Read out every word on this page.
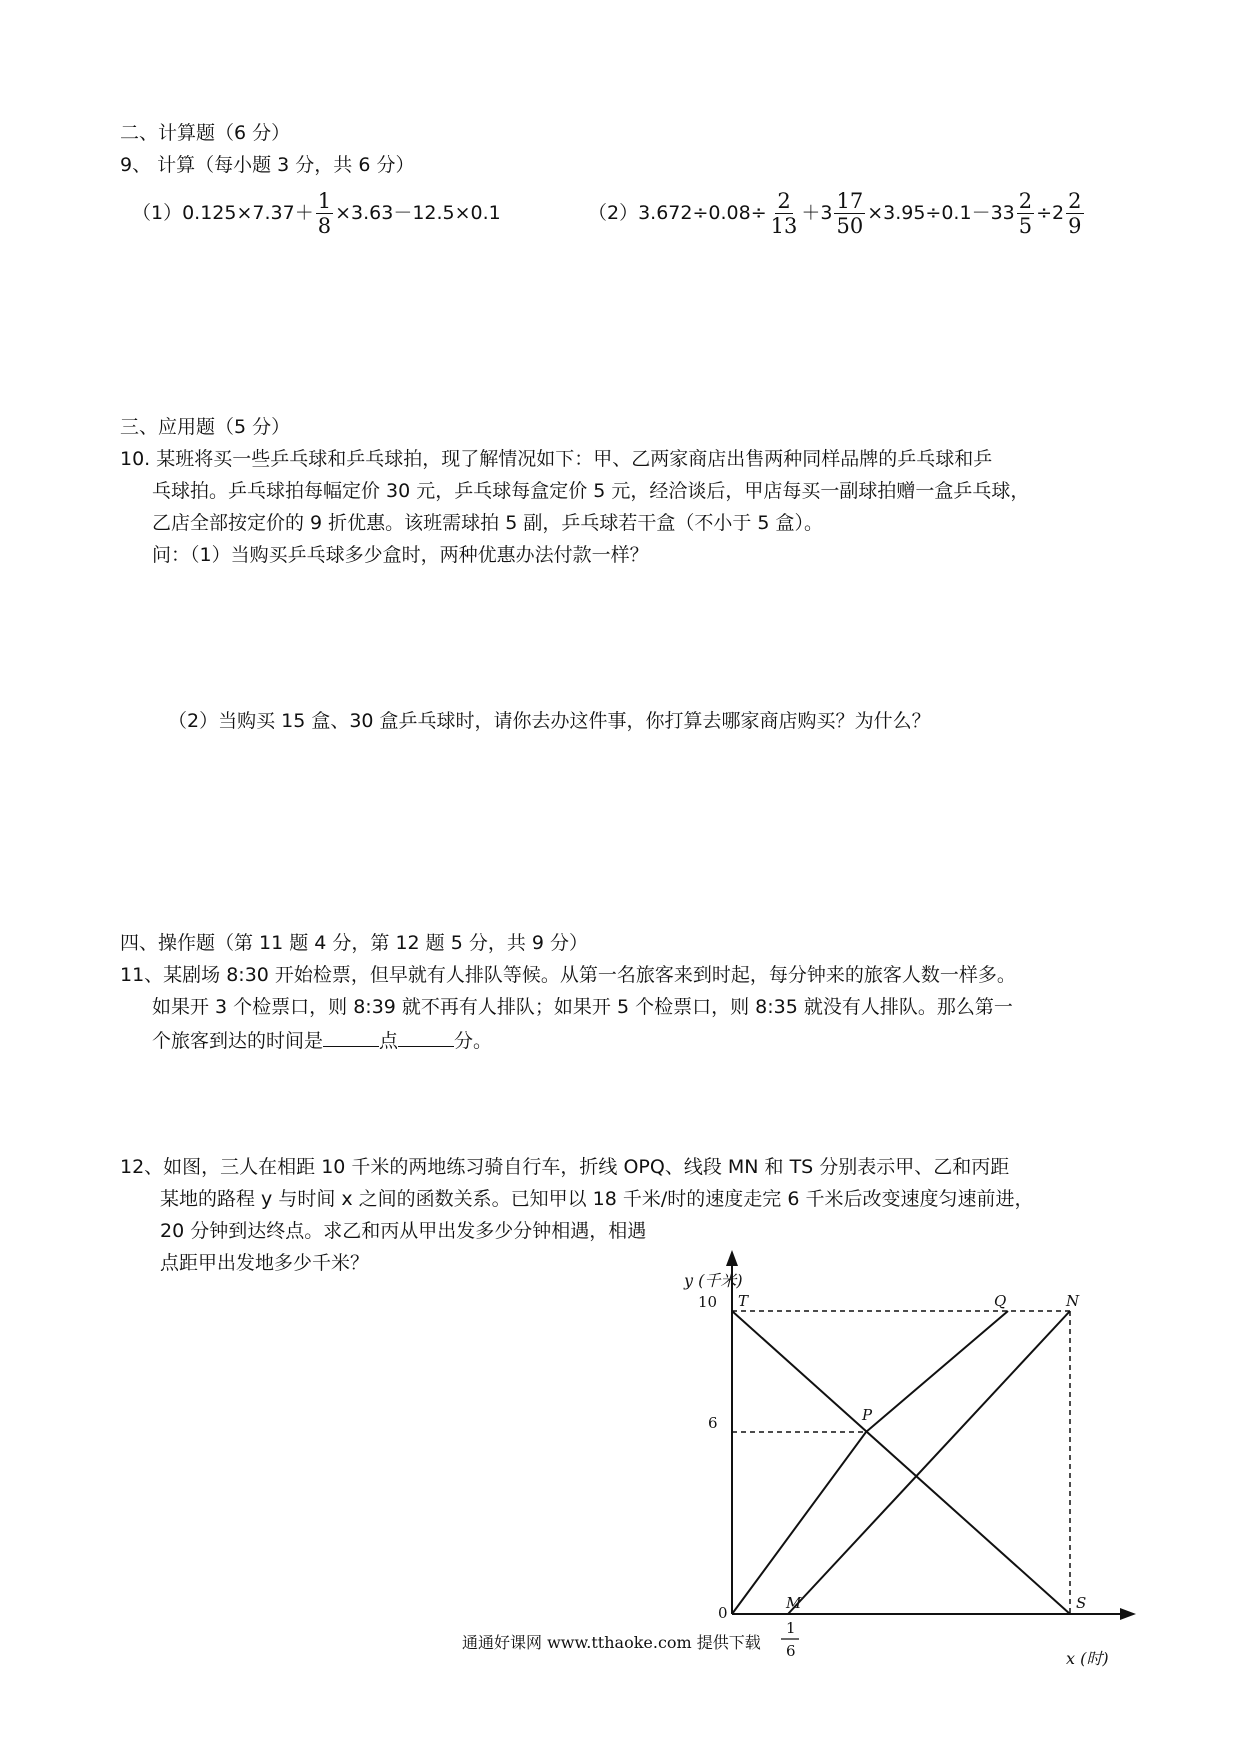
二、计算题（6 分）
9、 计算（每小题 3 分，共 6 分）
$(1)0.125\times 7.37+ \frac{1}{8} \times 3.63-12.5\times 0.1$	$(2)3.672\div 0.08\div \frac{2}{13} +3 \frac{17}{50} \times 3.95\div 0.1-33 \frac{2}{5} \div 2 \frac{2}{9}$
三、应用题（5 分）
10. 某班将买一些乒乓球和乒乓球拍，现了解情况如下：甲、乙两家商店出售两种同样品牌的乒乓球和乒
乓球拍。乒乓球拍每幅定价 30 元，乒乓球每盒定价 5 元，经洽谈后，甲店每买一副球拍赠一盒乒乓球，
乙店全部按定价的 9 折优惠。该班需球拍 5 副，乒乓球若干盒（不小于 5 盒）。
问：（1）当购买乒乓球多少盒时，两种优惠办法付款一样？
（2）当购买 15 盒、30 盒乒乓球时，请你去办这件事，你打算去哪家商店购买？为什么？
四、操作题（第 11 题 4 分，第 12 题 5 分，共 9 分）
11、某剧场 8:30 开始检票，但早就有人排队等候。从第一名旅客来到时起，每分钟来的旅客人数一样多。
如果开 3 个检票口，则 8:39 就不再有人排队；如果开 5 个检票口，则 8:35 就没有人排队。那么第一
个旅客到达的时间是	点	分。
12、如图，三人在相距 10 千米的两地练习骑自行车，折线 OPQ、线段 MN 和 TS 分别表示甲、乙和丙距
某地的路程 y 与时间 x 之间的函数关系。已知甲以 18 千米/时的速度走完 6 千米后改变速度匀速前进，
20 分钟到达终点。求乙和丙从甲出发多少分钟相遇，相遇
点距甲出发地多少千米？
y (千米)
x (时)
10
6
0
1
6
T	Q	N
P
M	S
通通好课网 www.tthaoke.com 提供下载
